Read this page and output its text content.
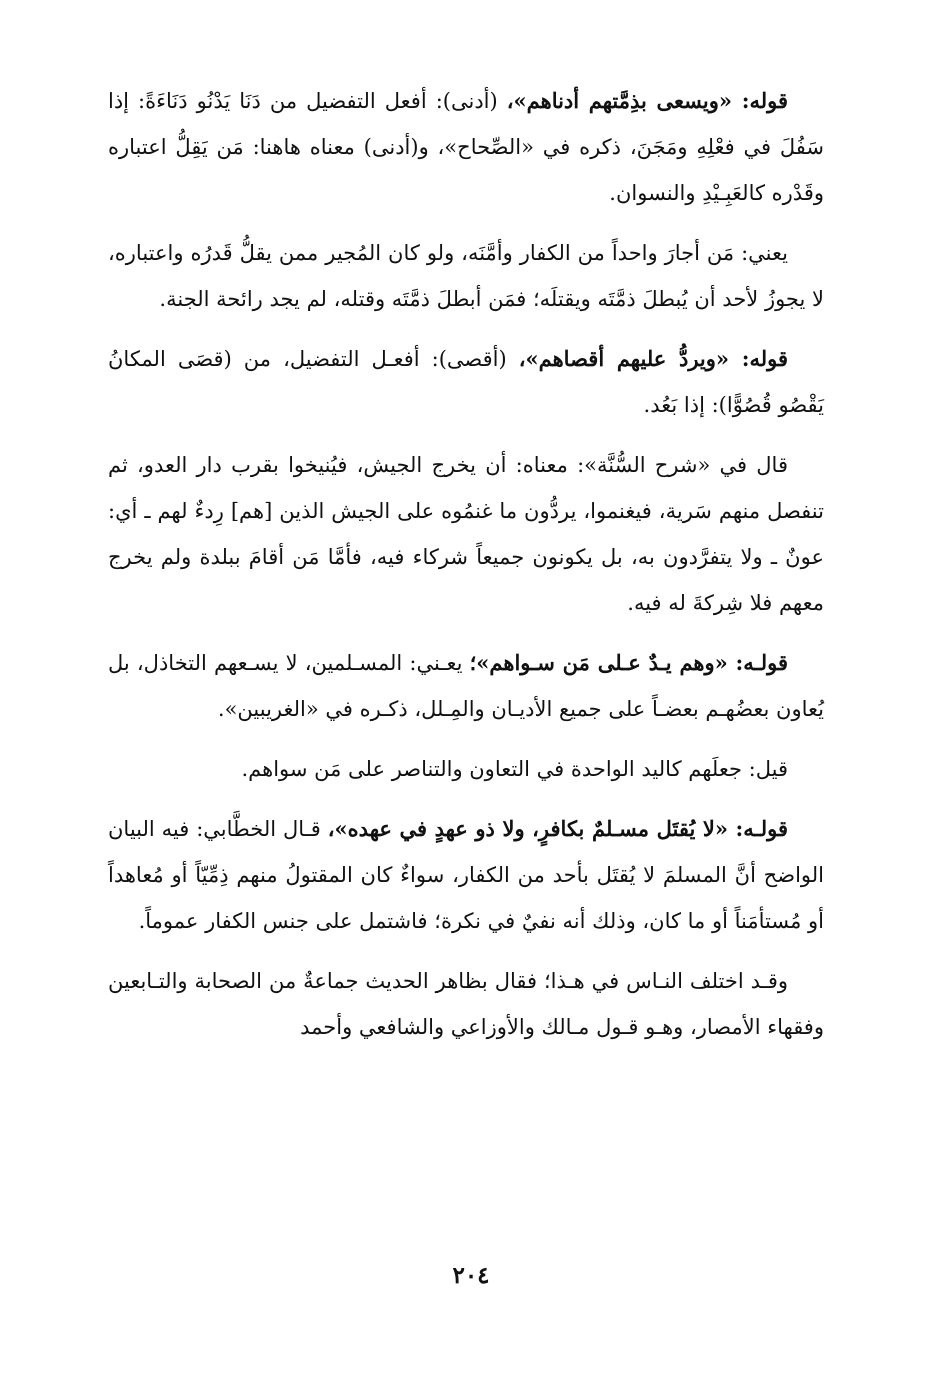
قوله: «ويسعى بذِمَّتهم أدناهم»، (أدنى): أفعل التفضيل من دَنَا يَدْنُو دَنَاءَةً: إذا سَفُلَ في فعْلِهِ ومَجَنَ، ذكره في «الصِّحاح»، و(أدنى) معناه هاهنا: مَن يَقِلُّ اعتباره وقَدْره كالعَبِـيْدِ والنسوان.

يعني: مَن أجارَ واحداً من الكفار وأمَّنَه، ولو كان المُجير ممن يقلُّ قَدرُه واعتباره، لا يجوزُ لأحد أن يُبطلَ ذمَّتَه ويقتلَه؛ فمَن أبطلَ ذمَّتَه وقتله، لم يجد رائحة الجنة.

قوله: «ويردُّ عليهم أقصاهم»، (أقصى): أفعـل التفضيل، من (قصَى المكانُ يَقْصُو قُصُوًّا): إذا بَعُد.

قال في «شرح السُّنَّة»: معناه: أن يخرج الجيش، فيُنيخوا بقرب دار العدو، ثم تنفصل منهم سَرية، فيغنموا، يردُّون ما غنمُوه على الجيش الذين [هم] رِدءٌ لهم ـ أي: عونٌ ـ ولا يتفرَّدون به، بل يكونون جميعاً شركاء فيه، فأمَّا مَن أقامَ ببلدة ولم يخرج معهم فلا شِركةَ له فيه.

قولـه: «وهم يـدٌ عـلى مَن سـواهم»؛ يعـني: المسـلمين، لا يسـعهم التخاذل، بل يُعاون بعضُهـم بعضـاً على جميع الأديـان والمِـلل، ذكـره في «الغريبين».

قيل: جعلَهم كاليد الواحدة في التعاون والتناصر على مَن سواهم.

قولـه: «لا يُقتَل مسـلمٌ بكافرٍ، ولا ذو عهدٍ في عهده»، قـال الخطَّابي: فيه البيان الواضح أنَّ المسلمَ لا يُقتَل بأحد من الكفار، سواءٌ كان المقتولُ منهم ذِمِّيّاً أو مُعاهداً أو مُستأمَناً أو ما كان، وذلك أنه نفيٌ في نكرة؛ فاشتمل على جنس الكفار عموماً.

وقـد اختلف النـاس في هـذا؛ فقال بظاهر الحديث جماعةٌ من الصحابة والتـابعين وفقهاء الأمصار، وهـو قـول مـالك والأوزاعي والشافعي وأحمد

٢٠٤
